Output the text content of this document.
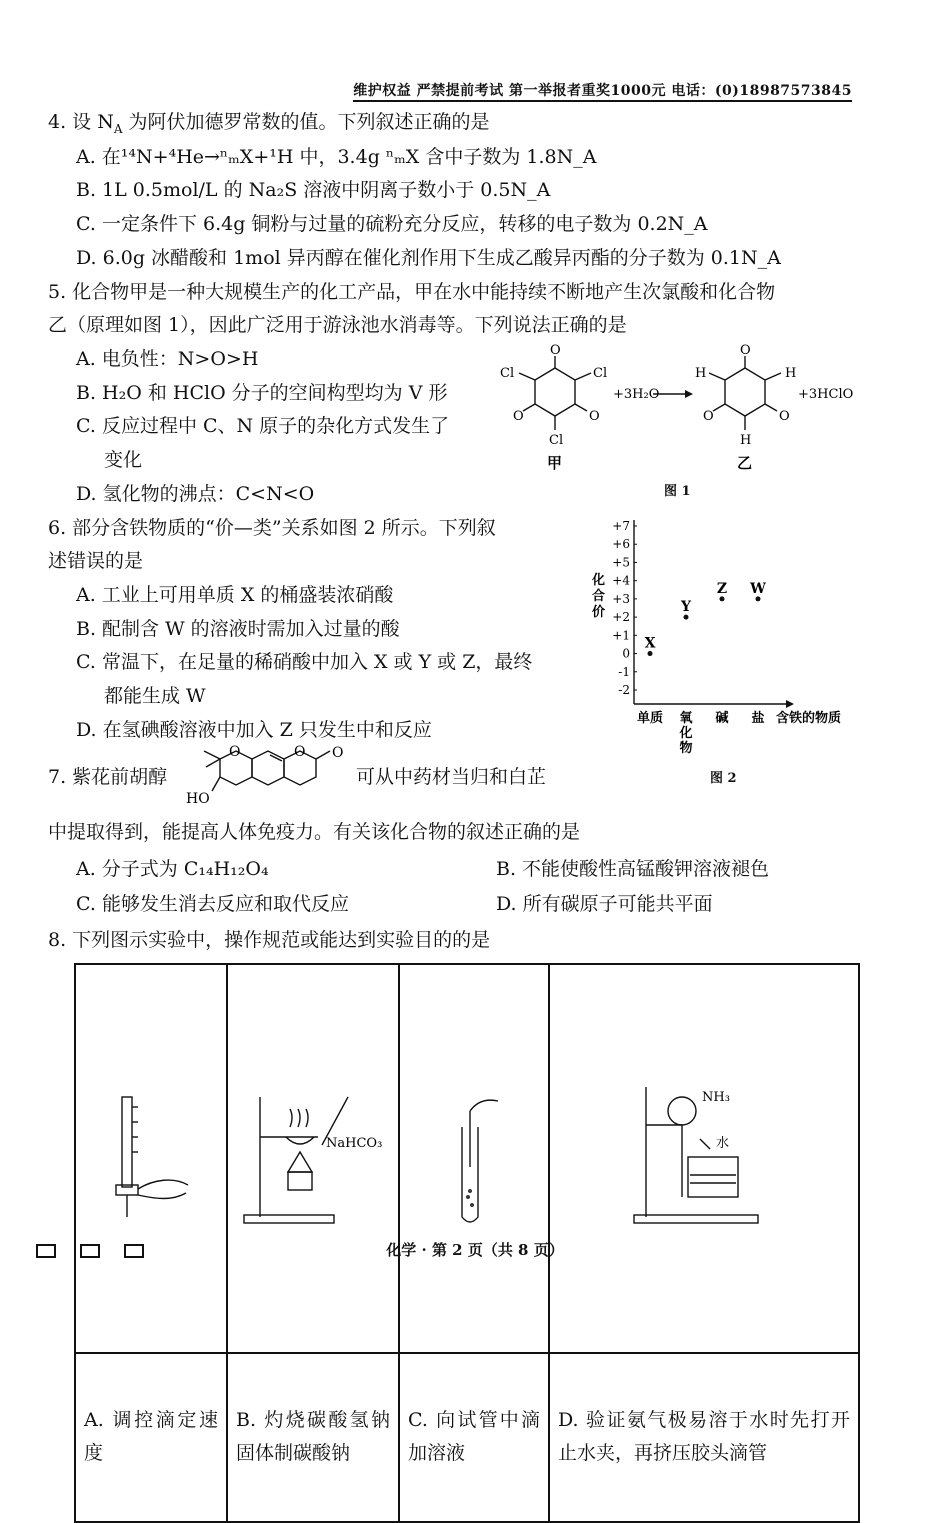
维护权益 严禁提前考试 第一举报者重奖1000元 电话：(0)18987573845
4. 设 $N_A$ 为阿伏加德罗常数的值。下列叙述正确的是
A. 在¹⁴N+⁴He→ⁿₘX+¹H 中，3.4g ⁿₘX 含中子数为 1.8N_A
B. 1L 0.5mol/L 的 Na₂S 溶液中阴离子数小于 0.5N_A
C. 一定条件下 6.4g 铜粉与过量的硫粉充分反应，转移的电子数为 0.2N_A
D. 6.0g 冰醋酸和 1mol 异丙醇在催化剂作用下生成乙酸异丙酯的分子数为 0.1N_A
5. 化合物甲是一种大规模生产的化工产品，甲在水中能持续不断地产生次氯酸和化合物
乙（原理如图 1），因此广泛用于游泳池水消毒等。下列说法正确的是
A. 电负性：N>O>H
B. H₂O 和 HClO 分子的空间构型均为 V 形
C. 反应过程中 C、N 原子的杂化方式发生了
变化
D. 氢化物的沸点：C<N<O
O
O	O
Cl	Cl
Cl
甲
+3H₂O
O
O	O
H	H
H
乙
+3HClO
图 1
6. 部分含铁物质的“价—类”关系如图 2 所示。下列叙
述错误的是
A. 工业上可用单质 X 的桶盛装浓硝酸
B. 配制含 W 的溶液时需加入过量的酸
C. 常温下，在足量的稀硝酸中加入 X 或 Y 或 Z，最终
都能生成 W
D. 在氢碘酸溶液中加入 Z 只发生中和反应
化
合
价
含铁的物质
+7
+6
+5
+4
+3
+2
+1
0
-1
-2
单质 氧
化
物
碱 盐
X
Y
Z W
图 2
7. 紫花前胡醇
O	O O
HO
可从中药材当归和白芷
中提取得到，能提高人体免疫力。有关该化合物的叙述正确的是
A. 分子式为 C₁₄H₁₂O₄	B. 不能使酸性高锰酸钾溶液褪色
C. 能够发生消去反应和取代反应	D. 所有碳原子可能共平面
8. 下列图示实验中，操作规范或能达到实验目的的是

NaHCO₃		NH₃
水

A. 调控滴定速度	B. 灼烧碳酸氢钠固体制碳酸钠	C. 向试管中滴加溶液	D. 验证氨气极易溶于水时先打开止水夹，再挤压胶头滴管
化学 · 第 2 页（共 8 页）
